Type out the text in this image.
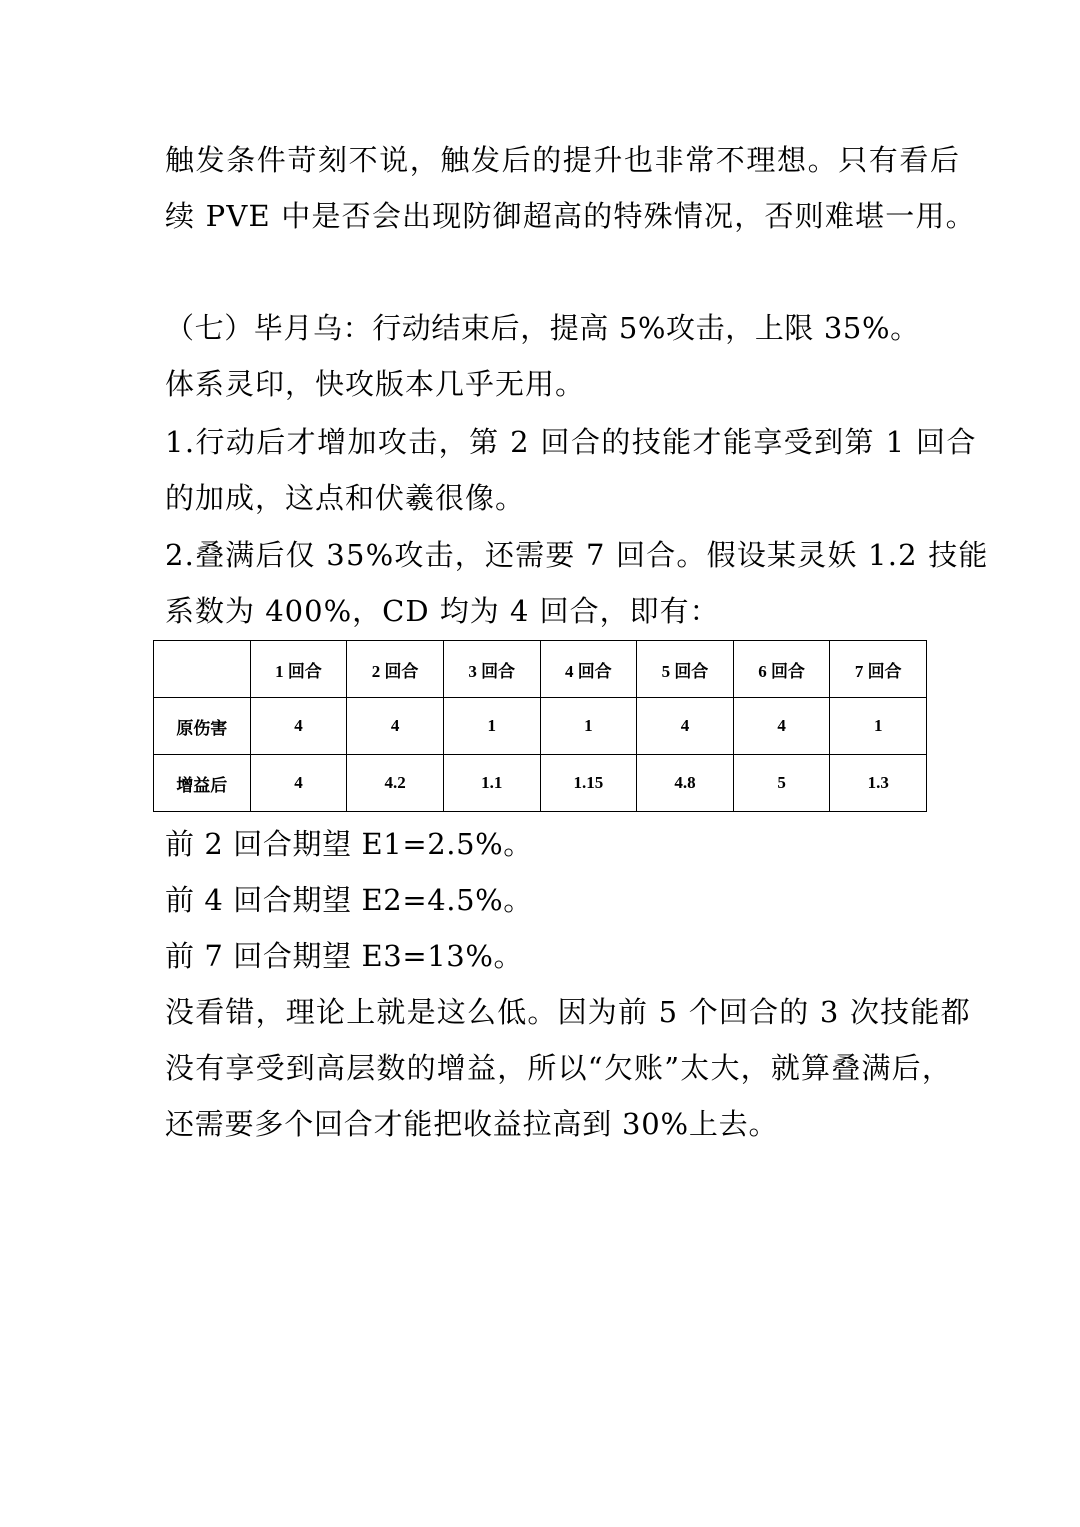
触发条件苛刻不说，触发后的提升也非常不理想。只有看后
续 PVE 中是否会出现防御超高的特殊情况，否则难堪一用。
（七）毕月乌：行动结束后，提高 5%攻击，上限 35%。
体系灵印，快攻版本几乎无用。
1.行动后才增加攻击，第 2 回合的技能才能享受到第 1 回合
的加成，这点和伏羲很像。
2.叠满后仅 35%攻击，还需要 7 回合。假设某灵妖 1.2 技能
系数为 400%，CD 均为 4 回合，即有：
	1 回合	2 回合	3 回合	4 回合	5 回合	6 回合	7 回合
原伤害	4	4	1	1	4	4	1
增益后	4	4.2	1.1	1.15	4.8	5	1.3
前 2 回合期望 E1=2.5%。
前 4 回合期望 E2=4.5%。
前 7 回合期望 E3=13%。
没看错，理论上就是这么低。因为前 5 个回合的 3 次技能都
没有享受到高层数的增益，所以“欠账”太大，就算叠满后，
还需要多个回合才能把收益拉高到 30%上去。
